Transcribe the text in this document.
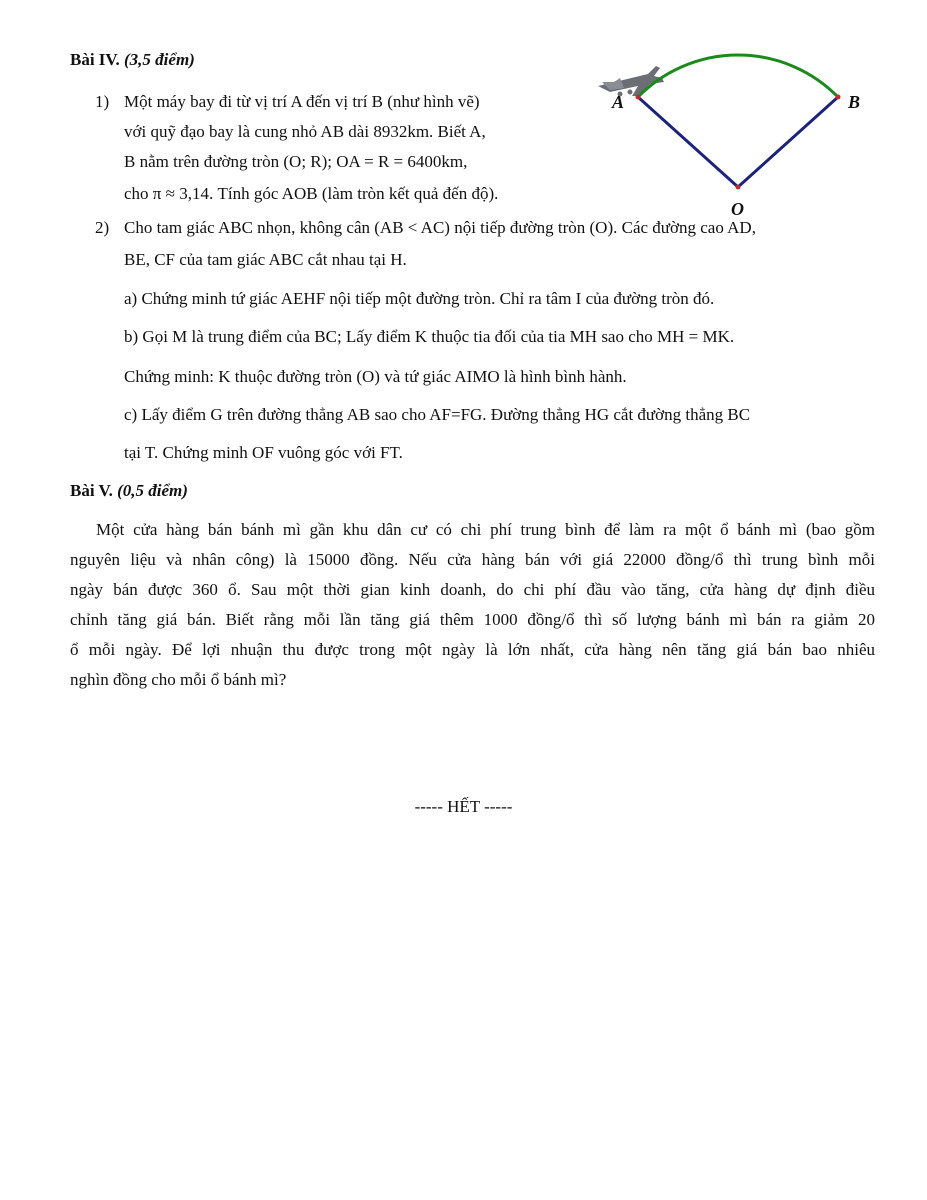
Bài IV. (3,5 điểm)
1) Một máy bay đi từ vị trí A đến vị trí B (như hình vẽ)
với quỹ đạo bay là cung nhỏ AB dài 8932km. Biết A,
B nằm trên đường tròn (O; R); OA = R = 6400km,
cho π ≈ 3,14. Tính góc AOB (làm tròn kết quả đến độ).
A	B
O
2) Cho tam giác ABC nhọn, không cân (AB < AC) nội tiếp đường tròn (O). Các đường cao AD,
BE, CF của tam giác ABC cắt nhau tại H.
a) Chứng minh tứ giác AEHF nội tiếp một đường tròn. Chỉ ra tâm I của đường tròn đó.
b) Gọi M là trung điểm của BC; Lấy điểm K thuộc tia đối của tia MH sao cho MH = MK.
Chứng minh: K thuộc đường tròn (O) và tứ giác AIMO là hình bình hành.
c) Lấy điểm G trên đường thẳng AB sao cho AF=FG. Đường thẳng HG cắt đường thẳng BC
tại T. Chứng minh OF vuông góc với FT.
Bài V. (0,5 điểm)
Một cửa hàng bán bánh mì gần khu dân cư có chi phí trung bình để làm ra một ổ bánh mì (bao gồm
nguyên liệu và nhân công) là 15000 đồng. Nếu cửa hàng bán với giá 22000 đồng/ổ thì trung bình mỗi
ngày bán được 360 ổ. Sau một thời gian kinh doanh, do chi phí đầu vào tăng, cửa hàng dự định điều
chỉnh tăng giá bán. Biết rằng mỗi lần tăng giá thêm 1000 đồng/ổ thì số lượng bánh mì bán ra giảm 20
ổ mỗi ngày. Để lợi nhuận thu được trong một ngày là lớn nhất, cửa hàng nên tăng giá bán bao nhiêu
nghìn đồng cho mỗi ổ bánh mì?
----- HẾT -----
